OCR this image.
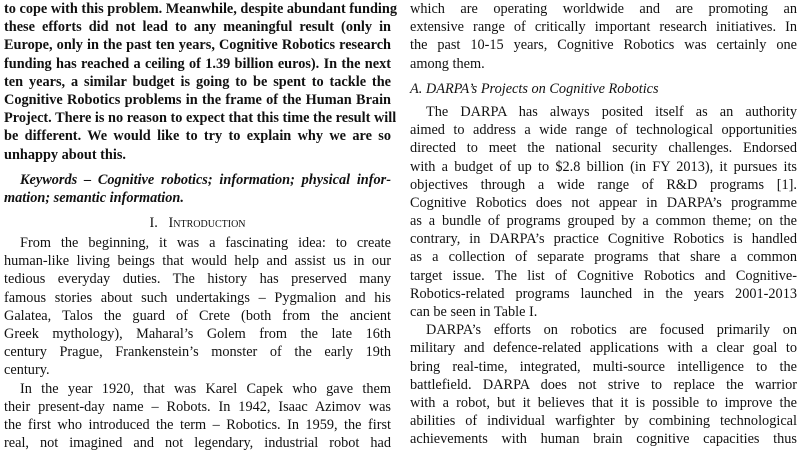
to cope with this problem. Meanwhile, despite abundant funding
these efforts did not lead to any meaningful result (only in
Europe, only in the past ten years, Cognitive Robotics research
funding has reached a ceiling of 1.39 billion euros). In the next
ten years, a similar budget is going to be spent to tackle the
Cognitive Robotics problems in the frame of the Human Brain
Project. There is no reason to expect that this time the result will
be different. We would like to try to explain why we are so
unhappy about this.
Keywords – Cognitive robotics; information; physical infor-
mation; semantic information.
I. Introduction
From the beginning, it was a fascinating idea: to create
human-like living beings that would help and assist us in our
tedious everyday duties. The history has preserved many
famous stories about such undertakings – Pygmalion and his
Galatea, Talos the guard of Crete (both from the ancient
Greek mythology), Maharal’s Golem from the late 16th
century Prague, Frankenstein’s monster of the early 19th
century.
In the year 1920, that was Karel Capek who gave them
their present-day name – Robots. In 1942, Isaac Azimov was
the first who introduced the term – Robotics. In 1959, the first
real, not imagined and not legendary, industrial robot had
which are operating worldwide and are promoting an
extensive range of critically important research initiatives. In
the past 10-15 years, Cognitive Robotics was certainly one
among them.
A. DARPA’s Projects on Cognitive Robotics
The DARPA has always posited itself as an authority
aimed to address a wide range of technological opportunities
directed to meet the national security challenges. Endorsed
with a budget of up to $2.8 billion (in FY 2013), it pursues its
objectives through a wide range of R&D programs [1].
Cognitive Robotics does not appear in DARPA’s programme
as a bundle of programs grouped by a common theme; on the
contrary, in DARPA’s practice Cognitive Robotics is handled
as a collection of separate programs that share a common
target issue. The list of Cognitive Robotics and Cognitive-
Robotics-related programs launched in the years 2001-2013
can be seen in Table I.
DARPA’s efforts on robotics are focused primarily on
military and defence-related applications with a clear goal to
bring real-time, integrated, multi-source intelligence to the
battlefield. DARPA does not strive to replace the warrior
with a robot, but it believes that it is possible to improve the
abilities of individual warfighter by combining technological
achievements with human brain cognitive capacities thus
